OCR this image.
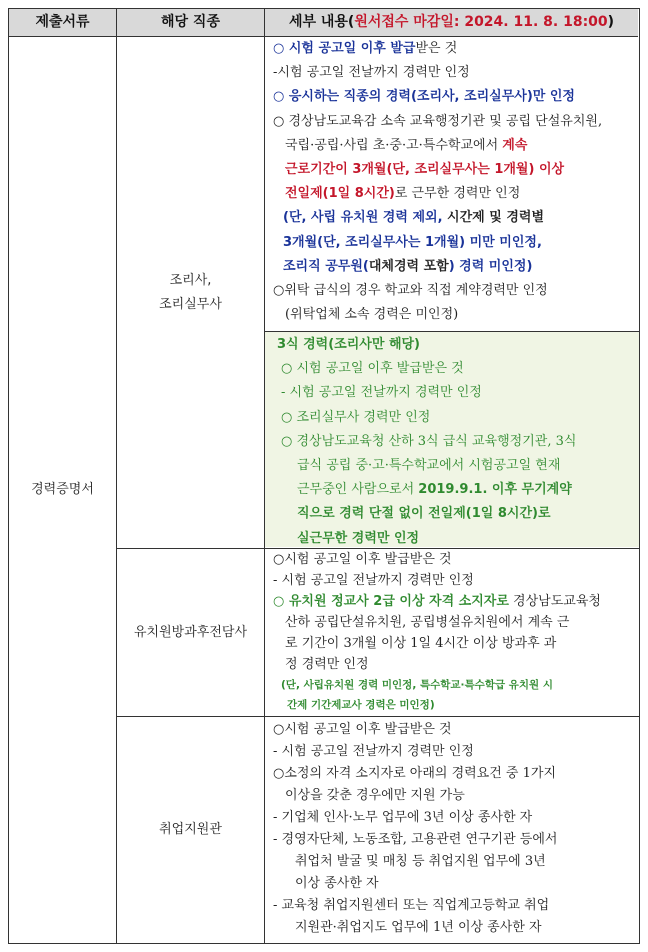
제출서류	해당 직종	세부 내용(원서접수 마감일: 2024. 11. 8. 18:00)
경력증명서
조리사,
조리실무사
유치원방과후전담사
취업지원관
○ 시험 공고일 이후 발급받은 것
-시험 공고일 전날까지 경력만 인정
○ 응시하는 직종의 경력(조리사, 조리실무사)만 인정
○ 경상남도교육감 소속 교육행정기관 및 공립 단설유치원,
국립·공립·사립 초·중·고·특수학교에서 계속
근로기간이 3개월(단, 조리실무사는 1개월) 이상
전일제(1일 8시간)로 근무한 경력만 인정
(단, 사립 유치원 경력 제외, 시간제 및 경력별
3개월(단, 조리실무사는 1개월) 미만 미인정,
조리직 공무원(대체경력 포함) 경력 미인정)
○위탁 급식의 경우 학교와 직접 계약경력만 인정
(위탁업체 소속 경력은 미인정)
3식 경력(조리사만 해당)
○ 시험 공고일 이후 발급받은 것
- 시험 공고일 전날까지 경력만 인정
○ 조리실무사 경력만 인정
○ 경상남도교육청 산하 3식 급식 교육행정기관, 3식
급식 공립 중·고·특수학교에서 시험공고일 현재
근무중인 사람으로서 2019.9.1. 이후 무기계약
직으로 경력 단절 없이 전일제(1일 8시간)로
실근무한 경력만 인정
○시험 공고일 이후 발급받은 것
- 시험 공고일 전날까지 경력만 인정
○ 유치원 정교사 2급 이상 자격 소지자로 경상남도교육청
산하 공립단설유치원, 공립병설유치원에서 계속 근
로 기간이 3개월 이상 1일 4시간 이상 방과후 과
정 경력만 인정
(단, 사립유치원 경력 미인정, 특수학교·특수학급 유치원 시
간제 기간제교사 경력은 미인정)
○시험 공고일 이후 발급받은 것
- 시험 공고일 전날까지 경력만 인정
○소정의 자격 소지자로 아래의 경력요건 중 1가지
이상을 갖춘 경우에만 지원 가능
- 기업체 인사·노무 업무에 3년 이상 종사한 자
- 경영자단체, 노동조합, 고용관련 연구기관 등에서
취업처 발굴 및 매칭 등 취업지원 업무에 3년
이상 종사한 자
- 교육청 취업지원센터 또는 직업계고등학교 취업
지원관·취업지도 업무에 1년 이상 종사한 자
